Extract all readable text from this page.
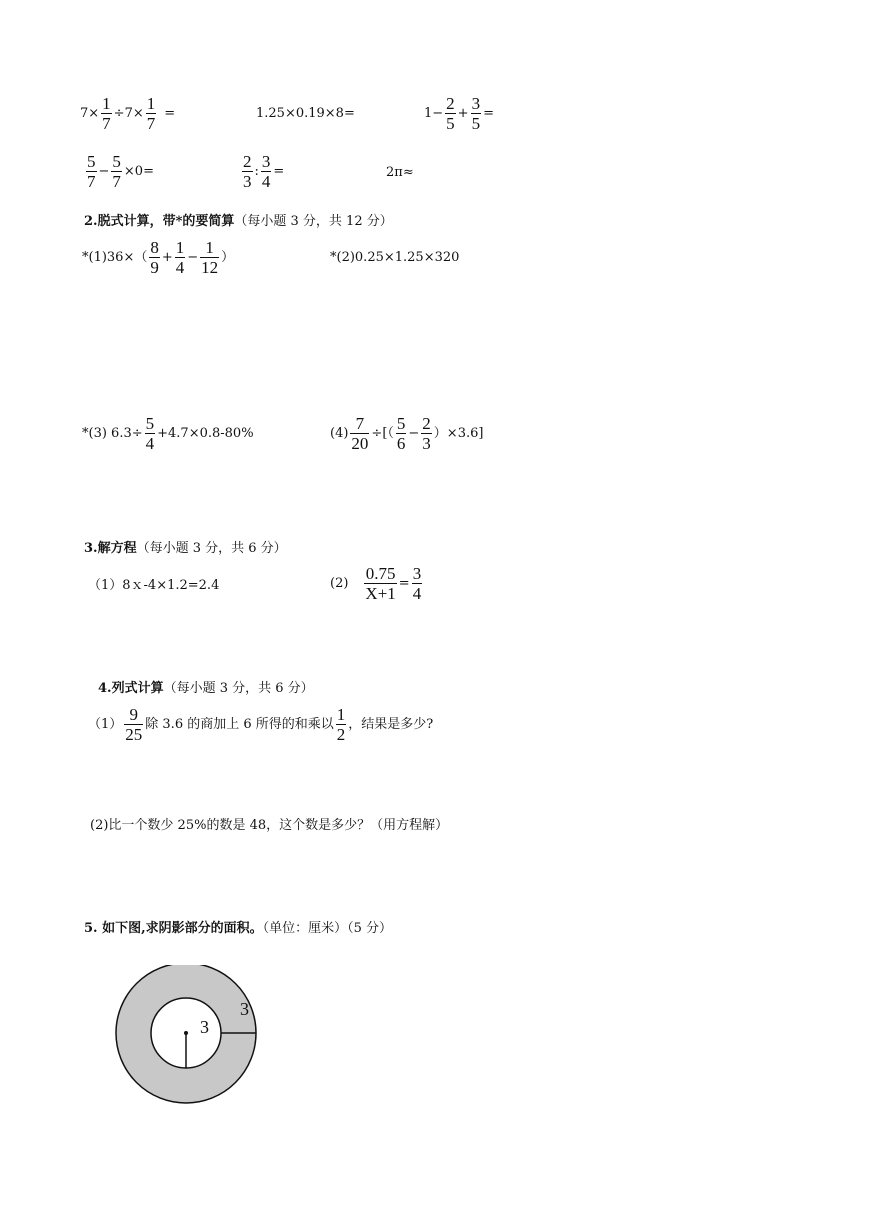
$7\times \frac{1}{7} \div 7\times \frac{1}{7}$ =	1.25×0.19×8=	$1- \frac{2}{5} + \frac{3}{5}$ =
$\frac{5}{7} - \frac{5}{7} \times 0=$	$\frac{2}{3}$ : $\frac{3}{4}$ =	2π≈
2.脱式计算，带*的要简算（每小题 3 分，共 12 分）
$*(1)36\times( \frac{8}{9} + \frac{1}{4} - \frac{1}{12}$ ）	*(2)0.25×1.25×320
*(3) $6.3\div \frac{5}{4} +4.7\times 0.8-80\%$	$(4) \frac{7}{20}$ ÷[（ $\frac{5}{6} - \frac{2}{3} )\times 3.6$]
3.解方程（每小题 3 分，共 6 分）
（1）8ｘ-4×1.2=2.4	$(2) \frac{0.75}{X+1} = \frac{3}{4}$
4.列式计算（每小题 3 分，共 6 分）
$(1) \frac{9}{25}$ 除 3.6 的商加上 6 所得的和乘以 $\frac{1}{2}$ ，结果是多少?
(2)比一个数少 25%的数是 48，这个数是多少？（用方程解）
5. 如下图,求阴影部分的面积。（单位：厘米）（5 分）
3
3
